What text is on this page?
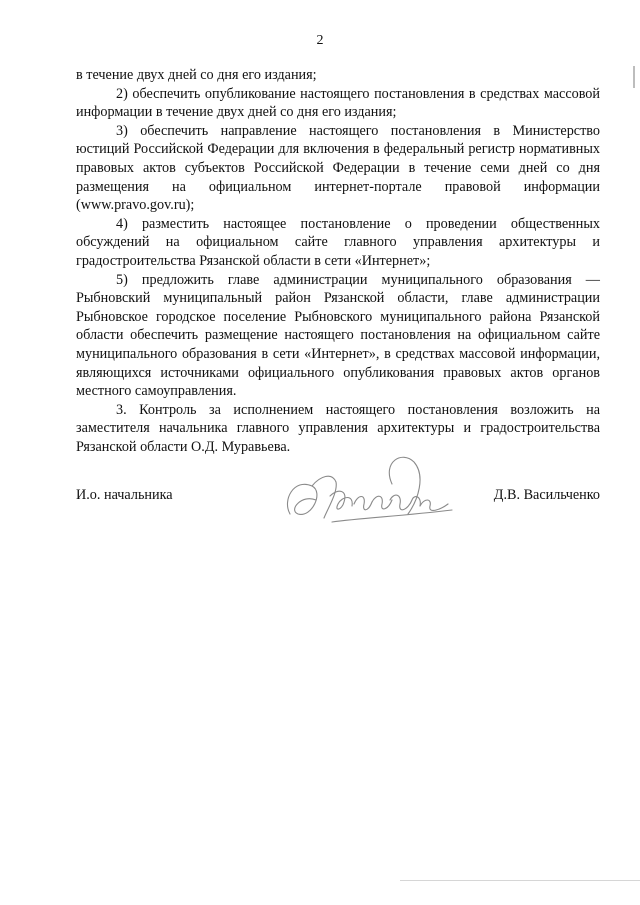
2

в течение двух дней со дня его издания;

2) обеспечить опубликование настоящего постановления в средствах массовой информации в течение двух дней со дня его издания;

3) обеспечить направление настоящего постановления в Министерство юстиций Российской Федерации для включения в федеральный регистр нормативных правовых актов субъектов Российской Федерации в течение семи дней со дня размещения на официальном интернет-портале правовой информации (www.pravo.gov.ru);

4) разместить настоящее постановление о проведении общественных обсуждений на официальном сайте главного управления архитектуры и градостроительства Рязанской области в сети «Интернет»;

5) предложить главе администрации муниципального образования — Рыбновский муниципальный район Рязанской области, главе администрации Рыбновское городское поселение Рыбновского муниципального района Рязанской области обеспечить размещение настоящего постановления на официальном сайте муниципального образования в сети «Интернет», в средствах массовой информации, являющихся источниками официального опубликования правовых актов органов местного самоуправления.

3. Контроль за исполнением настоящего постановления возложить на заместителя начальника главного управления архитектуры и градостроительства Рязанской области О.Д. Муравьева.

И.о. начальника	Д.В. Васильченко
